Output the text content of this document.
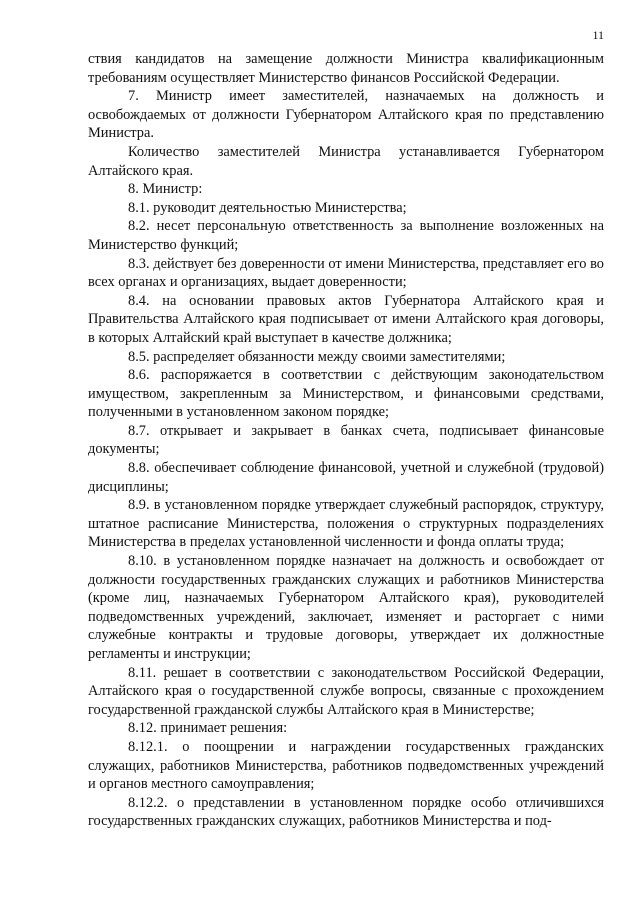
11

ствия кандидатов на замещение должности Министра квалификационным требованиям осуществляет Министерство финансов Российской Федерации.

7. Министр имеет заместителей, назначаемых на должность и освобождаемых от должности Губернатором Алтайского края по представлению Министра.

Количество заместителей Министра устанавливается Губернатором Алтайского края.

8. Министр:

8.1. руководит деятельностью Министерства;

8.2. несет персональную ответственность за выполнение возложенных на Министерство функций;

8.3. действует без доверенности от имени Министерства, представляет его во всех органах и организациях, выдает доверенности;

8.4. на основании правовых актов Губернатора Алтайского края и Правительства Алтайского края подписывает от имени Алтайского края договоры, в которых Алтайский край выступает в качестве должника;

8.5. распределяет обязанности между своими заместителями;

8.6. распоряжается в соответствии с действующим законодательством имуществом, закрепленным за Министерством, и финансовыми средствами, полученными в установленном законом порядке;

8.7. открывает и закрывает в банках счета, подписывает финансовые документы;

8.8. обеспечивает соблюдение финансовой, учетной и служебной (трудовой) дисциплины;

8.9. в установленном порядке утверждает служебный распорядок, структуру, штатное расписание Министерства, положения о структурных подразделениях Министерства в пределах установленной численности и фонда оплаты труда;

8.10. в установленном порядке назначает на должность и освобождает от должности государственных гражданских служащих и работников Министерства (кроме лиц, назначаемых Губернатором Алтайского края), руководителей подведомственных учреждений, заключает, изменяет и расторгает с ними служебные контракты и трудовые договоры, утверждает их должностные регламенты и инструкции;

8.11. решает в соответствии с законодательством Российской Федерации, Алтайского края о государственной службе вопросы, связанные с прохождением государственной гражданской службы Алтайского края в Министерстве;

8.12. принимает решения:

8.12.1. о поощрении и награждении государственных гражданских служащих, работников Министерства, работников подведомственных учреждений и органов местного самоуправления;

8.12.2. о представлении в установленном порядке особо отличившихся государственных гражданских служащих, работников Министерства и под-
